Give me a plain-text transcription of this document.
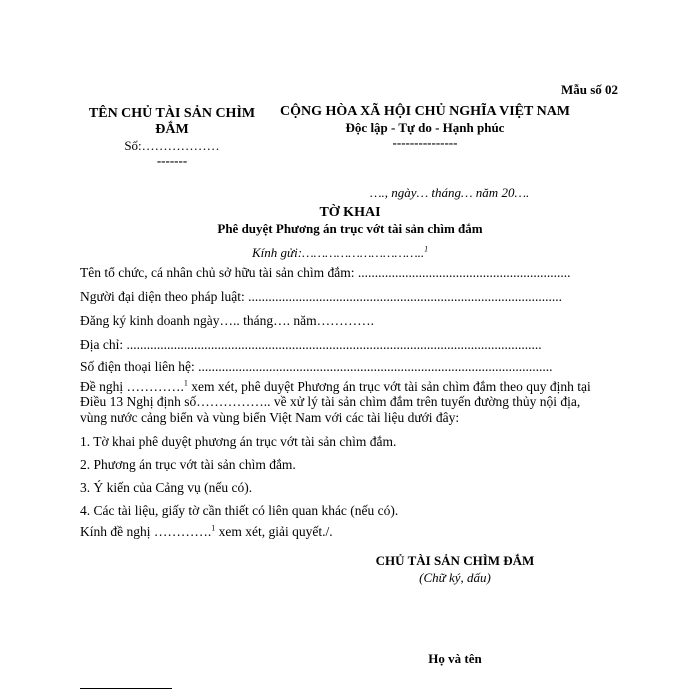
Mẫu số 02
TÊN CHỦ TÀI SẢN CHÌM
ĐẮM
Số:………………
-------
CỘNG HÒA XÃ HỘI CHỦ NGHĨA VIỆT NAM
Độc lập - Tự do - Hạnh phúc
---------------
…., ngày… tháng… năm 20….
TỜ KHAI
Phê duyệt Phương án trục vớt tài sản chìm đắm
Kính gửi:…………………………..$^1$
Tên tổ chức, cá nhân chủ sở hữu tài sản chìm đắm: ...............................................................
Người đại diện theo pháp luật: .............................................................................................
Đăng ký kinh doanh ngày….. tháng…. năm………….
Địa chỉ: ...........................................................................................................................
Số điện thoại liên hệ: .........................................................................................................
Đề nghị ………….$^1$ xem xét, phê duyệt Phương án trục vớt tài sản chìm đắm theo quy định tại
Điều 13 Nghị định số…………….. về xử lý tài sản chìm đắm trên tuyến đường thủy nội địa,
vùng nước cảng biển và vùng biển Việt Nam với các tài liệu dưới đây:
1. Tờ khai phê duyệt phương án trục vớt tài sản chìm đắm.
2. Phương án trục vớt tài sản chìm đắm.
3. Ý kiến của Cảng vụ (nếu có).
4. Các tài liệu, giấy tờ cần thiết có liên quan khác (nếu có).
Kính đề nghị ………….$^1$ xem xét, giải quyết./.
CHỦ TÀI SẢN CHÌM ĐẮM
(Chữ ký, dấu)
Họ và tên
